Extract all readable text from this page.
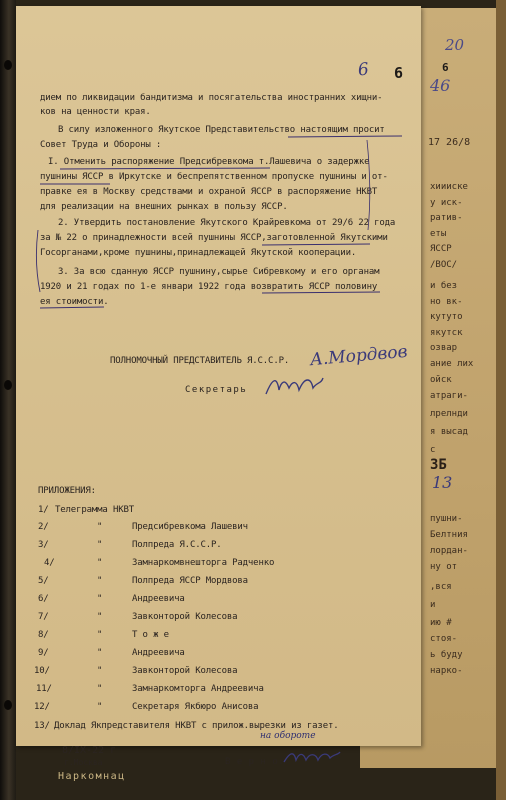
17 26/8
хиииске
у иск-
ратив-
еты
ЯССР
/ВОС/
и без
но вк-
кутуто
якутск
озвар
ание лих
ойск
атраги-
лрелнди
я высад
с
3Б
13
пушни-
Белтния
лордан-
ну от
,вся
и
ию #
стоя-
ь буду
нарко-
6 6
20
46
6
дием по ликвидации бандитизма и посягательства иностранних хищни-
ков на ценности края.
В силу изложенного Якутское Представительство настоящим просит
Совет Труда и Обороны :
I. Отменить распоряжение Предсибревкома т.Лашевича о задержке
пушнины ЯССР в Иркутске и беспрепятственном пропуске пушнины и от-
правке ея в Москву средствами и охраной ЯССР в распоряжение НКВТ
для реализации на внешних рынках в пользу ЯССР.
2. Утвердить постановление Якутского Крайревкома от 29/6 22 года
за № 22 о принадлежности всей пушнины ЯССР,заготовленной Якутскими
Госорганами,кроме пушнины,принадлежащей Якутской кооперации.
3. За всю сданную ЯССР пушнину,сырье Сибревкому и его органам
1920 и 21 годах по 1-е январи 1922 года возвратить ЯССР половину
ея стоимости.
ПОЛНОМОЧНЫЙ ПРЕДСТАВИТЕЛЬ Я.С.С.Р. А.Мордвов
Секретарь
ПРИЛОЖЕНИЯ:
1/ Телеграмма НКВТ
2/	"	Предсибревкома Лашевич
3/	"	Полпреда Я.С.С.Р.
4/	"	Замнаркомвнешторга Радченко
5/	"	Полпреда ЯССР Мордвова
6/	"	Андреевича
7/	"	Завконторой Колесова
8/	"	Т о ж е
9/	"	Андреевича
10/	"	Завконторой Колесова
11/	"	Замнаркомторга Андреевича
12/	"	Секретаря Якбюро Анисова
13/ Доклад Якпредставителя НКВТ с прилож.вырезки из газет.
на обороте
В е р н о:
8/IX-22 г
г.Москва
Наркомнац
